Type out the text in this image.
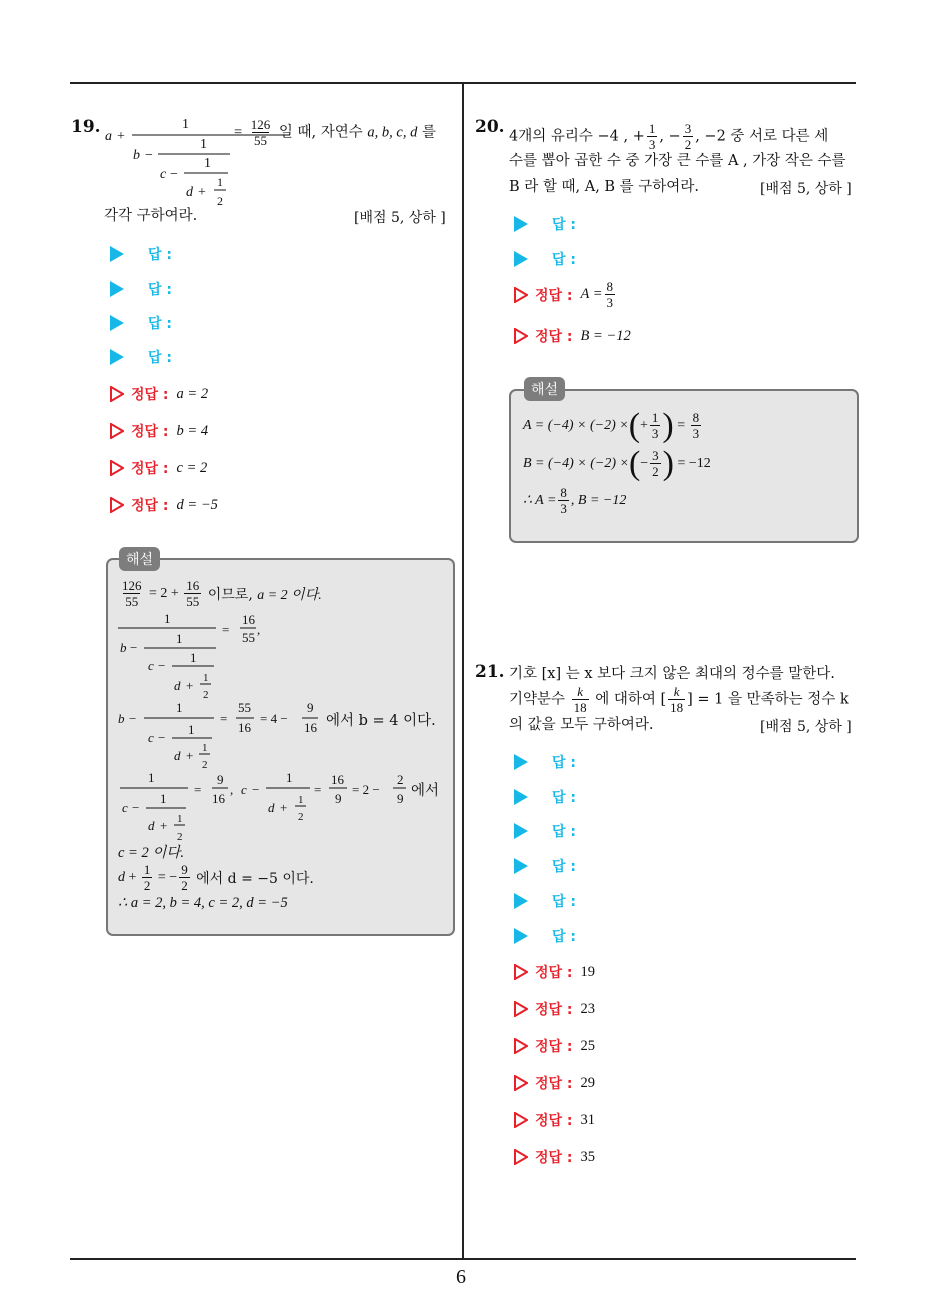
6
19. a +
1
b −
1
c −
1
d +
1
2
= $\frac{126}{55}$ 일 때, 자연수 a, b, c, d 를
각각 구하여라.	[배점 5, 상하 ]
답 :
답 :
답 :
답 :
정답 : a = 2
정답 : b = 4
정답 : c = 2
정답 : d = −5
해설
$\frac{126}{55} = 2 + \frac{16}{55}$
이므로,
a = 2 이다.
1
b −
1
c −
1
d + 1
2
=
16
55
,
b −
1
c −
1
d + 1
2
=
55
16
= 4 −
9
16 에서 b = 4 이다.
1
c −
1
d + 1
2
=
9
16
, c −
1
d + 1
2
=
16
9
= 2 −
2
9 에서
c = 2 이다.
$d + \frac{1}{2}$ = − $\frac{9}{2}$
에서 d = −5 이다.
∴ a = 2, b = 4, c = 2, d = −5
20. 4개의 유리수 −4 , + $\frac{1}{3}$ , − $\frac{3}{2}$ , −2 중 서로 다른 세
수를 뽑아 곱한 수 중 가장 큰 수를 A , 가장 작은 수를
B 라 할 때, A, B 를 구하여라.	[배점 5, 상하 ]
답 :
답 :
정답 : $A = \frac{8}{3}$
정답 : B = −12
해설
A = (−4) × (−2) × ( + $\frac{1}{3}$ ) = $\frac{8}{3}$
B = (−4) × (−2) × ( − $\frac{3}{2}$ )
= −12
∴ $A = \frac{8}{3}$ , B = −12
21. 기호 [x] 는 x 보다 크지 않은 최대의 정수를 말한다.
기약분수 $\frac{k}{18}$ 에 대하여 [ $\frac{k}{18}$ ] = 1 을 만족하는 정수 k
의 값을 모두 구하여라.	[배점 5, 상하 ]
답 :
답 :
답 :
답 :
답 :
답 :
정답 : 19
정답 : 23
정답 : 25
정답 : 29
정답 : 31
정답 : 35
